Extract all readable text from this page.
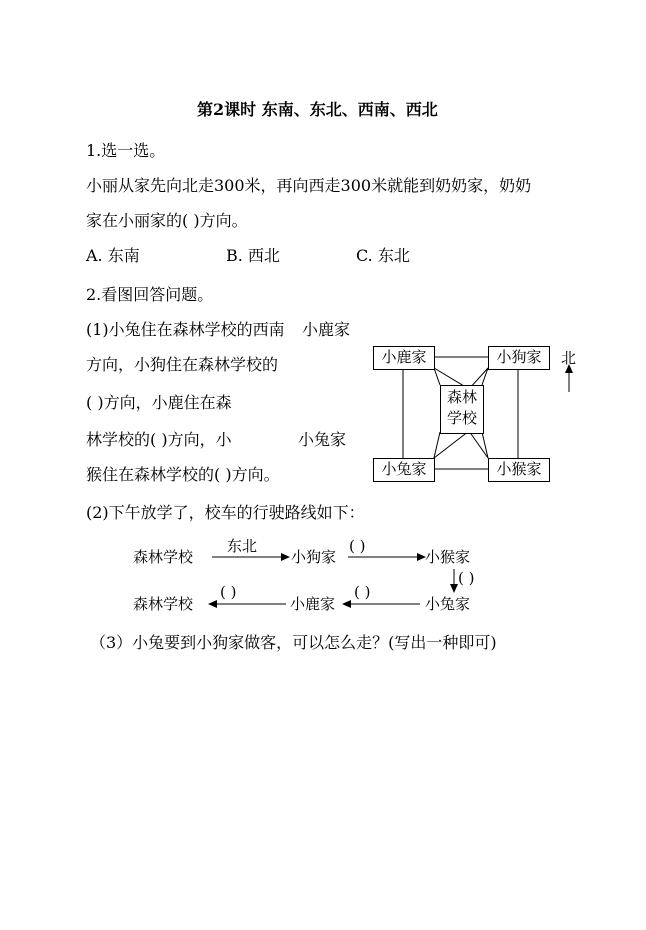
第2课时 东南、东北、西南、西北
1.选一选。
小丽从家先向北走300米，再向西走300米就能到奶奶家，奶奶
家在小丽家的( )方向。
A. 东南	B. 西北	C. 东北
2.看图回答问题。
(1)小兔住在森林学校的西南 小鹿家
方向，小狗住在森林学校的
( )方向，小鹿住在森
林学校的( )方向，小	小兔家
猴住在森林学校的( )方向。
(2)下午放学了，校车的行驶路线如下：
（3）小兔要到小狗家做客，可以怎么走？(写出一种即可)
小鹿家	小狗家
森林
学校
小兔家	小猴家
北
森林学校
东北
小狗家
( )
小猴家
( )
森林学校
( )
小鹿家
( )
小兔家
